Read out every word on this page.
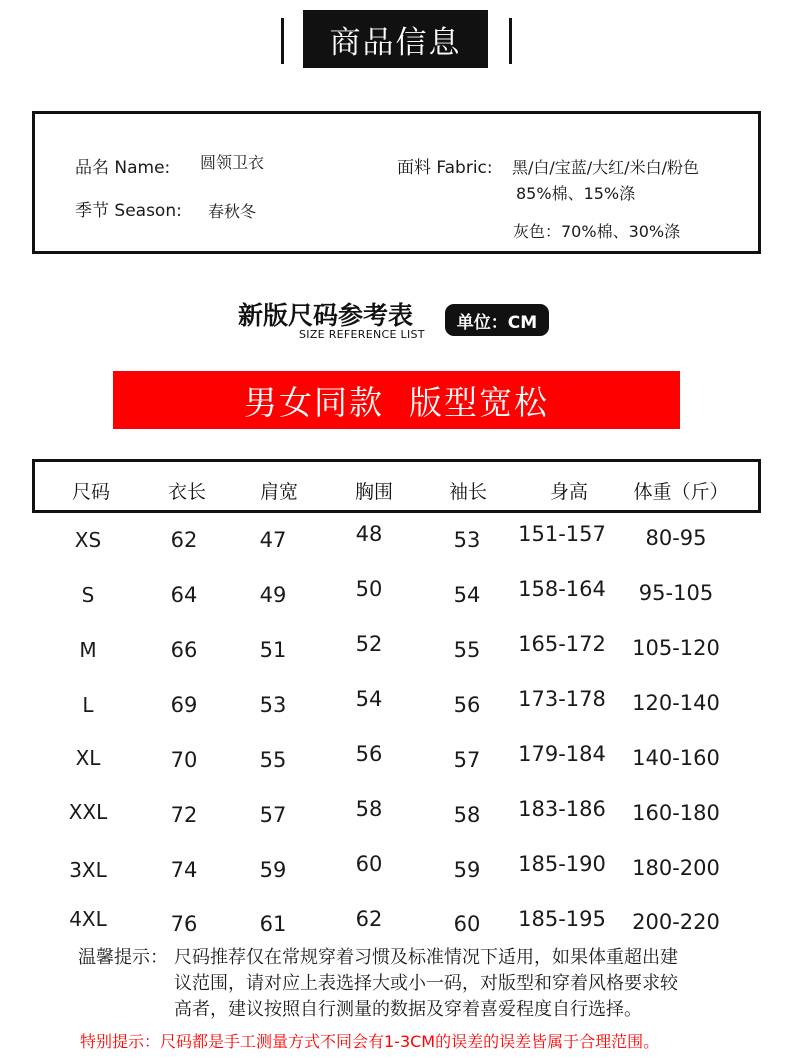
商品信息
品名 Name: 圆领卫衣
季节 Season: 春秋冬
面料 Fabric: 黑/白/宝蓝/大红/米白/粉色
85%棉、15%涤
灰色：70%棉、30%涤
新版尺码参考表
SIZE REFERENCE LIST
单位：CM
男女同款  版型宽松
尺码	衣长	肩宽	胸围	袖长	身高 体重（斤）
XS	62	47	48	53 151-157 80-95
S	64	49	50	54 158-164 95-105
M	66	51	52	55 165-172 105-120
L	69	53	54	56 173-178 120-140
XL	70	55	56	57 179-184 140-160
XXL	72	57	58	58 183-186 160-180
3XL	74	59	60	59 185-190 180-200
4XL	76	61	62	60 185-195 200-220
温馨提示： 尺码推荐仅在常规穿着习惯及标准情况下适用，如果体重超出建
议范围，请对应上表选择大或小一码，对版型和穿着风格要求较
高者，建议按照自行测量的数据及穿着喜爱程度自行选择。
特别提示：尺码都是手工测量方式不同会有1-3CM的误差的误差皆属于合理范围。
